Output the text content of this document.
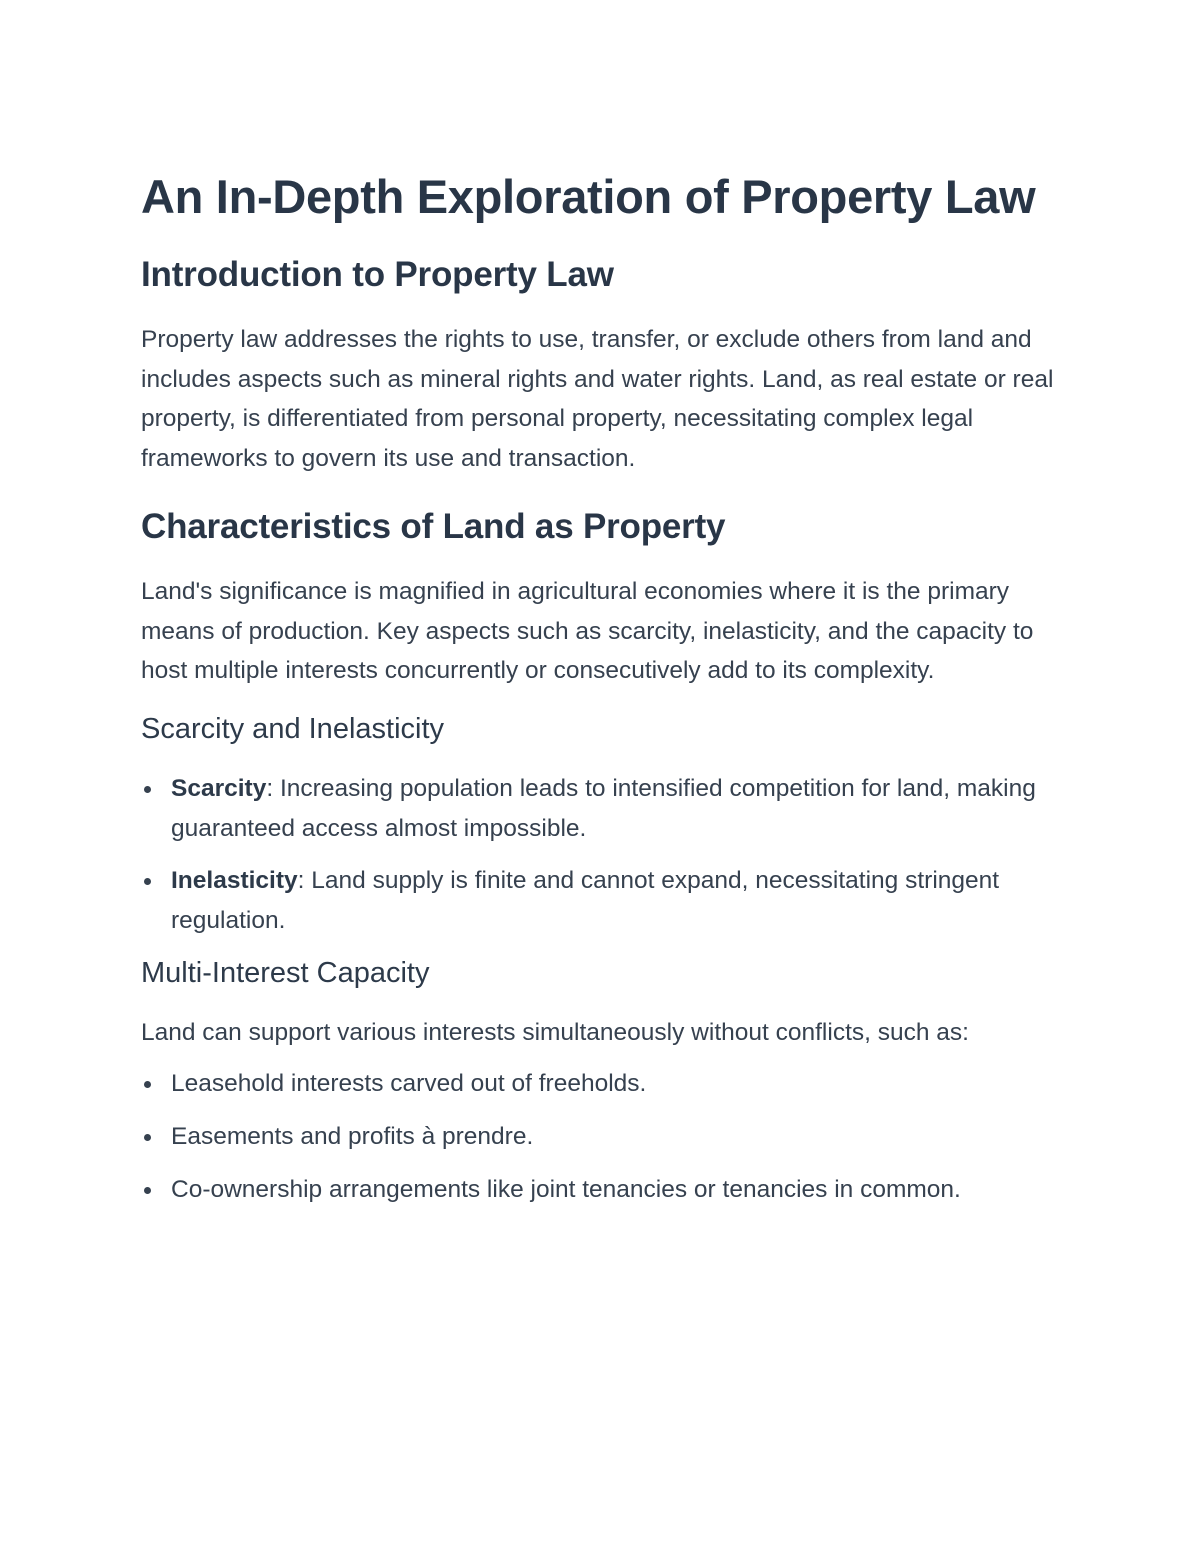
An In-Depth Exploration of Property Law
Introduction to Property Law

Property law addresses the rights to use, transfer, or exclude others from land and includes aspects such as mineral rights and water rights. Land, as real estate or real property, is differentiated from personal property, necessitating complex legal frameworks to govern its use and transaction.

Characteristics of Land as Property

Land's significance is magnified in agricultural economies where it is the primary means of production. Key aspects such as scarcity, inelasticity, and the capacity to host multiple interests concurrently or consecutively add to its complexity.

Scarcity and Inelasticity
Scarcity: Increasing population leads to intensified competition for land, making guaranteed access almost impossible.
Inelasticity: Land supply is finite and cannot expand, necessitating stringent regulation.
Multi-Interest Capacity

Land can support various interests simultaneously without conflicts, such as:

Leasehold interests carved out of freeholds.
Easements and profits à prendre.
Co-ownership arrangements like joint tenancies or tenancies in common.
